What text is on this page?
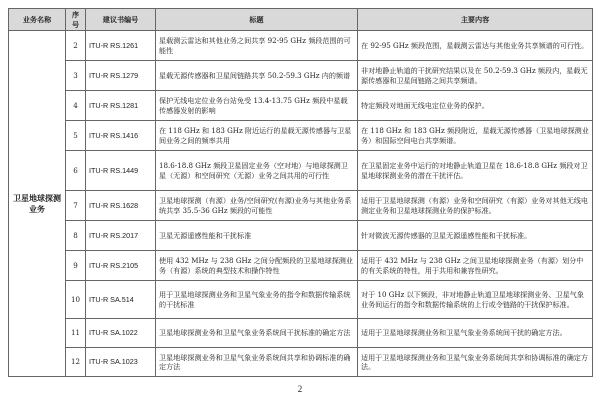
业务名称	序号	建议书编号	标题	主要内容
卫星地球探测业务	2	ITU-R RS.1261	星载测云雷达和其他业务之间共享 92-95 GHz 频段范围的可能性	在 92-95 GHz 频段范围，星载测云雷达与其他业务共享频谱的可行性。
	3	ITU-R RS.1279	星载无源传感器和卫星间链路共享 50.2-59.3 GHz 内的频谱	非对地静止轨道的干扰研究结果以及在 50.2-59.3 GHz 频段内，星载无源传感器和卫星间链路之间共享频谱。
	4	ITU-R RS.1281	保护无线电定位业务台站免受 13.4-13.75 GHz 频段中星载传感器发射的影响	特定频段对地面无线电定位业务的保护。
	5	ITU-R RS.1416	在 118 GHz 和 183 GHz 附近运行的星载无源传感器与卫星间业务之间的频率共用	在 118 GHz 和 183 GHz 频段附近，星载无源传感器（卫星地球探测业务）和国际空间电台共享频谱。
	6	ITU-R RS.1449	18.6-18.8 GHz 频段卫星固定业务（空对地）与地球探测卫星（无源）和空间研究（无源）业务之间共用的可行性	在卫星固定业务中运行的对地静止轨道卫星在 18.6-18.8 GHz 频段对卫星地球探测业务的潜在干扰评估。
	7	ITU-R RS.1628	卫星地球探测（有源）业务/空间研究(有源)业务与其他业务系统共享 35.5-36 GHz 频段的可能性	适用于卫星地球探测（有源）业务和空间研究（有源）业务对其他无线电测定业务和卫星地球探测业务的保护标准。
	8	ITU-R RS.2017	卫星无源遥感性能和干扰标准	针对微波无源传感器的卫星无源遥感性能和干扰标准。
	9	ITU-R RS.2105	使用 432 MHz 与 238 GHz 之间分配频段的卫星地球探测业务（有源）系统的典型技术和操作特性	适用于 432 MHz 与 238 GHz 之间卫星地球探测业务（有源）划分中的有关系统的特性，用于共用和兼容性研究。
	10	ITU-R SA.514	用于卫星地球探测业务和卫星气象业务的指令和数据传输系统的干扰标准	对于 10 GHz 以下频段，非对地静止轨道卫星地球探测业务、卫星气象业务间运行的指令和数据传输系统的上行或令链路的干扰保护标准。
	11	ITU-R SA.1022	卫星地球探测业务和卫星气象业务系统间干扰标准的确定方法	适用于卫星地球探测业务和卫星气象业务系统间干扰的确定方法。
	12	ITU-R SA.1023	卫星地球探测业务和卫星气象业务系统间共享和协调标准的确定方法	适用于卫星地球探测业务和卫星气象业务系统间共享和协调标准的确定方法。
2
